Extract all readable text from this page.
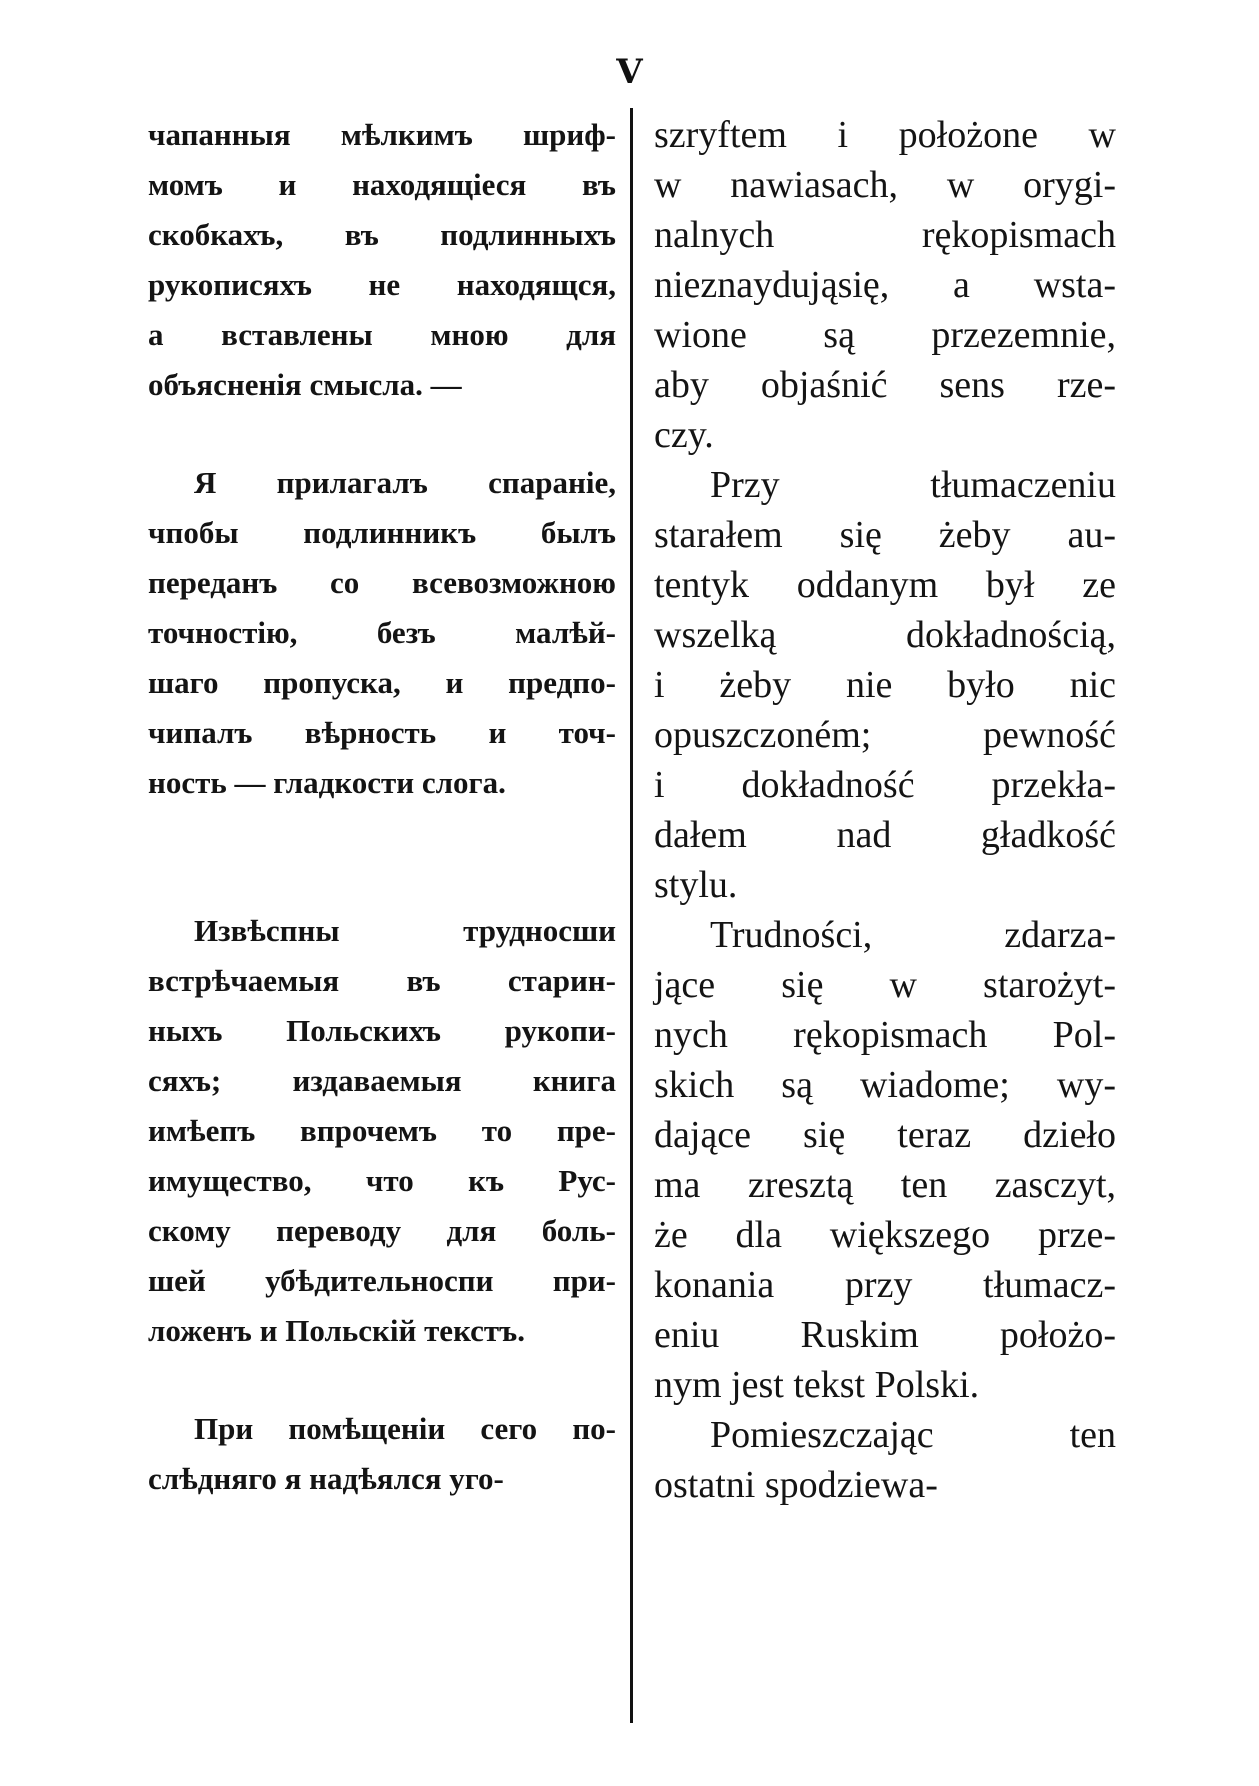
V
чапанныя мѣлкимъ шриф-
момъ и находящіеся въ
скобкахъ, въ подлинныхъ
рукописяхъ не находящся,
а вставлены мною для
объясненія смысла. —
Я прилагалъ спараніе,
чпобы подлинникъ былъ
переданъ со всевозможною
точностію, безъ малѣй-
шаго пропуска, и предпо-
чипалъ вѣрность и точ-
ность — гладкости слога.
Извѣспны трудносши
встрѣчаемыя въ старин-
ныхъ Польскихъ рукопи-
сяхъ; издаваемыя книга
имѣепъ впрочемъ то пре-
имущество, что къ Рус-
скому переводу для боль-
шей убѣдительноспи при-
ложенъ и Польскій текстъ.
При помѣщеніи сего по-
слѣдняго я надѣялся уго-
szryftem i położone w
w nawiasach, w orygi-
nalnych rękopismach
nieznaydująsię, a wsta-
wione są przezemnie,
aby objaśnić sens rze-
czy.
Przy tłumaczeniu
starałem się żeby au-
tentyk oddanym był ze
wszelką dokładnością,
i żeby nie było nic
opuszczoném; pewność
i dokładność przekła-
dałem nad gładkość
stylu.
Trudności, zdarza-
jące się w starożyt-
nych rękopismach Pol-
skich są wiadome; wy-
dające się teraz dzieło
ma zresztą ten zasczyt,
że dla większego prze-
konania przy tłumacz-
eniu Ruskim położo-
nym jest tekst Polski.
Pomieszczając ten
ostatni spodziewa-
